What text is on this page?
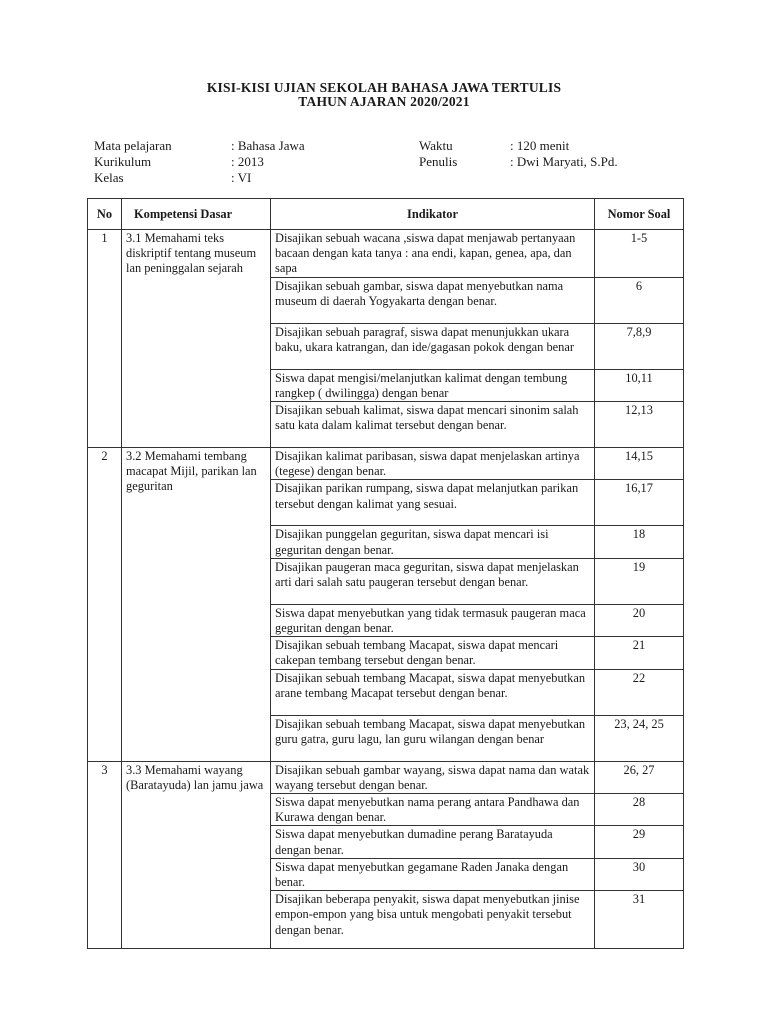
KISI-KISI UJIAN SEKOLAH BAHASA JAWA TERTULIS
TAHUN AJARAN 2020/2021
Mata pelajaran	: Bahasa Jawa
Kurikulum	: 2013
Kelas	: VI
Waktu	: 120 menit
Penulis	: Dwi Maryati, S.Pd.
No	Kompetensi Dasar	Indikator	Nomor Soal
1	3.1 Memahami teks diskriptif tentang museum lan peninggalan sejarah	Disajikan sebuah wacana ,siswa dapat menjawab pertanyaan bacaan dengan kata tanya : ana endi, kapan, genea, apa, dan sapa	1-5
		Disajikan sebuah gambar, siswa dapat menyebutkan nama museum di daerah Yogyakarta dengan benar.	6
		Disajikan sebuah paragraf, siswa dapat menunjukkan ukara baku, ukara katrangan, dan ide/gagasan pokok dengan benar	7,8,9
		Siswa dapat mengisi/melanjutkan kalimat dengan tembung rangkep ( dwilingga) dengan benar	10,11
		Disajikan sebuah kalimat, siswa dapat mencari sinonim salah satu kata dalam kalimat tersebut dengan benar.	12,13
2	3.2 Memahami tembang macapat Mijil, parikan lan geguritan	Disajikan kalimat paribasan, siswa dapat menjelaskan artinya (tegese) dengan benar.	14,15
		Disajikan parikan rumpang, siswa dapat melanjutkan parikan tersebut dengan kalimat yang sesuai.	16,17
		Disajikan punggelan geguritan, siswa dapat mencari isi geguritan dengan benar.	18
		Disajikan paugeran maca geguritan, siswa dapat menjelaskan arti dari salah satu paugeran tersebut dengan benar.	19
		Siswa dapat menyebutkan yang tidak termasuk paugeran maca geguritan dengan benar.	20
		Disajikan sebuah tembang Macapat, siswa dapat mencari cakepan tembang tersebut dengan benar.	21
		Disajikan sebuah tembang Macapat, siswa dapat menyebutkan arane tembang Macapat tersebut dengan benar.	22
		Disajikan sebuah tembang Macapat, siswa dapat menyebutkan guru gatra, guru lagu, lan guru wilangan dengan benar	23, 24, 25
3	3.3 Memahami wayang (Baratayuda) lan jamu jawa	Disajikan sebuah gambar wayang, siswa dapat nama dan watak wayang tersebut dengan benar.	26, 27
		Siswa dapat menyebutkan nama perang antara Pandhawa dan Kurawa dengan benar.	28
		Siswa dapat menyebutkan dumadine perang Baratayuda dengan benar.	29
		Siswa dapat menyebutkan gegamane Raden Janaka dengan benar.	30
		Disajikan beberapa penyakit, siswa dapat menyebutkan jinise empon-empon yang bisa untuk mengobati penyakit tersebut dengan benar.	31
